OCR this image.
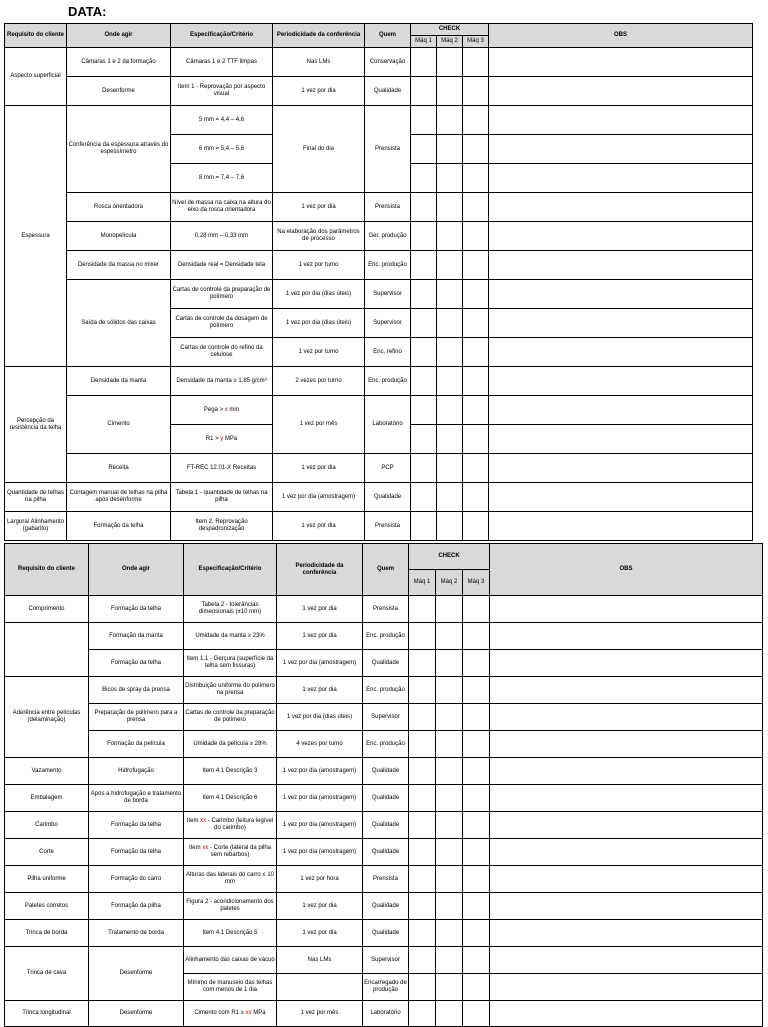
DATA:
Requisito do cliente	Onde agir	Especificação/Critério	Periodicidade da conferência	Quem	CHECK			OBS
					Máq 1	Máq 2	Máq 3	
Aspecto superficial	Câmaras 1 e 2 da formação	Câmaras 1 e 2 TTF limpas	Nas LMs	Conservação				
	Desenforme	Item 1 - Reprovação por aspecto visual	1 vez por dia	Qualidade				
Espessura	Conferência da espessura através do espessímetro	5 mm = 4,4 – 4,6	Final do dia	Prensista				
		6 mm = 5,4 – 5,6						
		8 mm = 7,4 – 7,6						
	Rosca orientadora	Nível de massa na caixa na altura do eixo da rosca orientadora	1 vez por dia	Prensista				
	Monopelícula	0,28 mm – 0,33 mm	Na elaboração dos parâmetros de processo	Ger. produção				
	Densidade da massa no mixer	Densidade real = Densidade tela	1 vez por turno	Enc. produção				
	Saída de sólidos das caixas	Cartas de controle da preparação de polímero	1 vez por dia (dias úteis)	Supervisor				
		Cartas de controle da dosagem de polímero	1 vez por dia (dias úteis)	Supervisor				
		Cartas de controle do refino da celulose	1 vez por turno	Enc. refino				
Percepção da resistência da telha	Densidade da manta	Densidade da manta ≥ 1,85 g/cm³	2 vezes por turno	Enc. produção				
	Cimento	Pega > x min	1 vez por mês	Laboratório				
		R1 > y MPa						
	Receita	FT-REC 12.01-X Receitas	1 vez por dia	PCP				
Quantidade de telhas na pilha	Contagem manual de telhas na pilha após desenforme	Tabela 1 - quantidade de telhas na pilha	1 vez por dia (amostragem)	Qualidade				
Largura/ Alinhamento (gabarito)	Formação da telha	Item 2. Reprovação despadronização	1 vez por dia	Prensista				
Requisito do cliente	Onde agir	Especificação/Critério	Periodicidade da conferência	Quem	CHECK			OBS
					Máq 1	Máq 2	Máq 3	
Comprimento	Formação da telha	Tabela 2 - tolerâncias dimensionais (±10 mm)	1 vez por dia	Prensista				
	Formação da manta	Umidade da manta ≥ 23%	1 vez por dia	Enc. produção				
	Formação da telha	Item 1.1 - Gerçura (superfície da telha sem fissuras)	1 vez por dia (amostragem)	Qualidade				
Aderência entre películas (delaminação)	Bicos de spray da prensa	Distribuição uniforme do polímero na prensa	1 vez por dia	Enc. produção				
	Preparação de polímero para a prensa	Cartas de controle da preparação de polímero	1 vez por dia (dias úteis)	Supervisor				
	Formação da película	Umidade da película ≥ 28%	4 vezes por turno	Enc. produção				
Vazamento	Hidrofugação	Item 4.1 Descrição 3	1 vez por dia (amostragem)	Qualidade				
Embalagem	Após a hidrofugação e tratamento de borda	Item 4.1 Descrição 6	1 vez por dia (amostragem)	Qualidade				
Carimbo	Formação da telha	Item xx - Carimbo (leitura legível do carimbo)	1 vez por dia (amostragem)	Qualidade				
Corte	Formação da telha	Item xx - Corte (lateral da pilha sem rebarbos)	1 vez por dia (amostragem)	Qualidade				
Pilha uniforme	Formação do carro	Alturas das laterais do carro ≤ 10 mm	1 vez por hora	Prensista				
Paletes corretos	Formação da pilha	Figura 2 - acondicionamento dos paletes	1 vez por dia	Qualidade				
Trinca de borda	Tratamento de borda	Item 4.1 Descrição 5	1 vez por dia	Qualidade				
Trinca de cava	Desenforme	Alinhamento das caixas de vácuo	Nas LMs	Supervisor				
		Mínimo de manuseio das telhas com menos de 1 dia		Encarregado de produção				
Trinca longitudinal	Desenforme	Cimento com R1 ≥ xx MPa	1 vez por mês	Laboratório				
